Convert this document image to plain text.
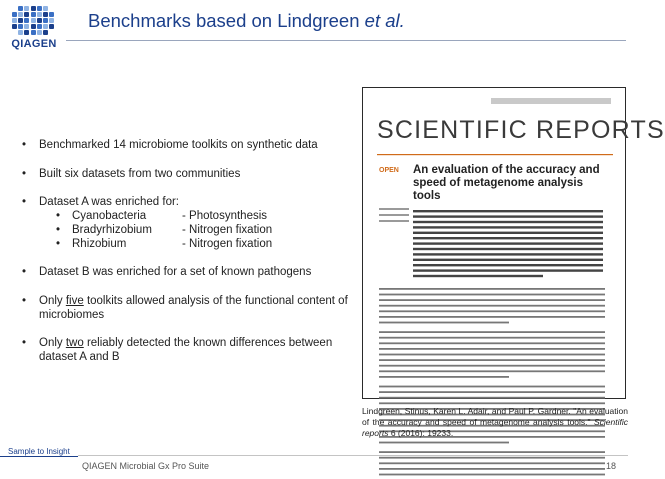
QIAGEN
Benchmarks based on Lindgreen et al.
• Benchmarked 14 microbiome toolkits on synthetic data
• Built six datasets from two communities
• Dataset A was enriched for:
• Cyanobacteria	- Photosynthesis
• Bradyrhizobium	- Nitrogen fixation
• Rhizobium	- Nitrogen fixation
• Dataset B was enriched for a set of known pathogens
• Only five toolkits allowed analysis of the functional content of microbiomes
• Only two reliably detected the known differences between dataset A and B
SCIENTIFIC REPORTS
OPEN An evaluation of the accuracy and speed of metagenome analysis tools
Lindgreen, Stinus, Karen L. Adair, and Paul P. Gardner. "An evaluation of the accuracy and speed of metagenome analysis tools." Scientific reports 6 (2016): 19233.
Sample to Insight
QIAGEN Microbial Gx Pro Suite	18
